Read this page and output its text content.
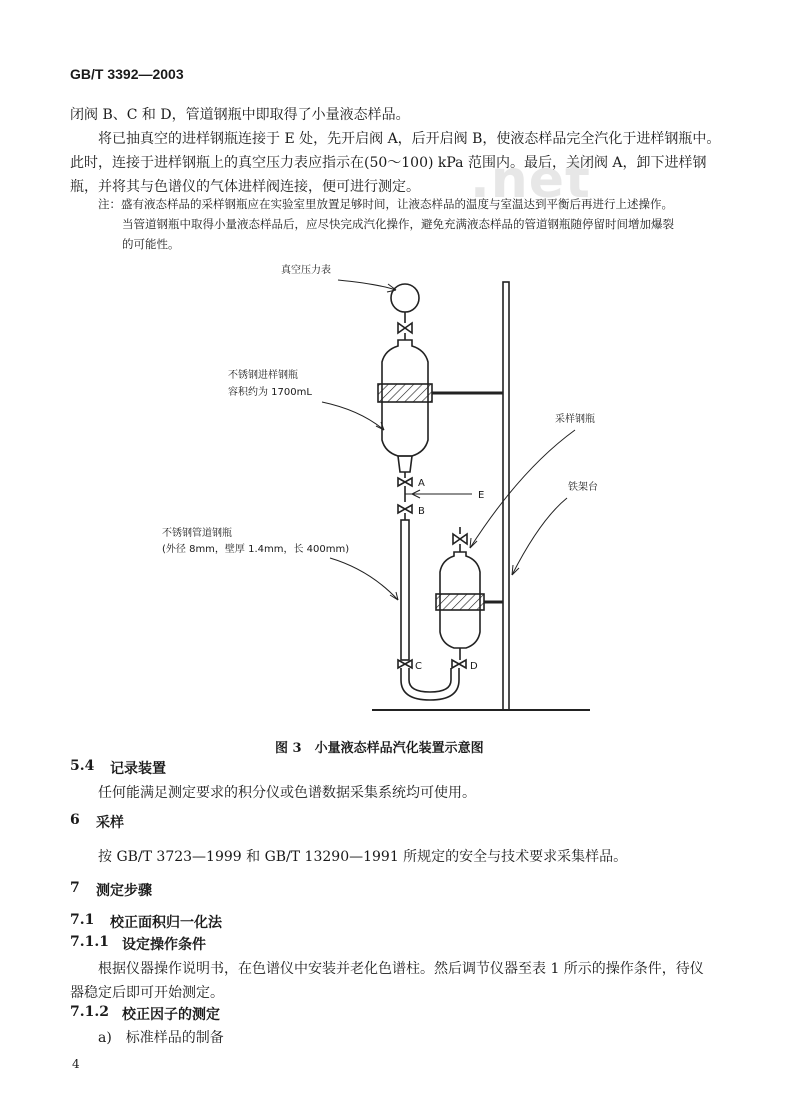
GB/T 3392—2003
闭阀 B、C 和 D，管道钢瓶中即取得了小量液态样品。
将已抽真空的进样钢瓶连接于 E 处，先开启阀 A，后开启阀 B，使液态样品完全汽化于进样钢瓶中。
此时，连接于进样钢瓶上的真空压力表应指示在(50～100) kPa 范围内。最后，关闭阀 A，卸下进样钢
瓶，并将其与色谱仪的气体进样阀连接，便可进行测定。 .net
注：盛有液态样品的采样钢瓶应在实验室里放置足够时间，让液态样品的温度与室温达到平衡后再进行上述操作。
当管道钢瓶中取得小量液态样品后，应尽快完成汽化操作，避免充满液态样品的管道钢瓶随停留时间增加爆裂
的可能性。
真空压力表
不锈钢进样钢瓶
容积约为 1700mL
采样钢瓶
铁架台
不锈钢管道钢瓶
(外径 8mm，壁厚 1.4mm，长 400mm)
A
B
C	D
E
图 3　小量液态样品汽化装置示意图
5.4 记录装置
任何能满足测定要求的积分仪或色谱数据采集系统均可使用。
6 采样
按 GB/T 3723—1999 和 GB/T 13290—1991 所规定的安全与技术要求采集样品。
7 测定步骤
7.1 校正面积归一化法
7.1.1 设定操作条件
根据仪器操作说明书，在色谱仪中安装并老化色谱柱。然后调节仪器至表 1 所示的操作条件，待仪
器稳定后即可开始测定。
7.1.2 校正因子的测定
a)　标准样品的制备
4
